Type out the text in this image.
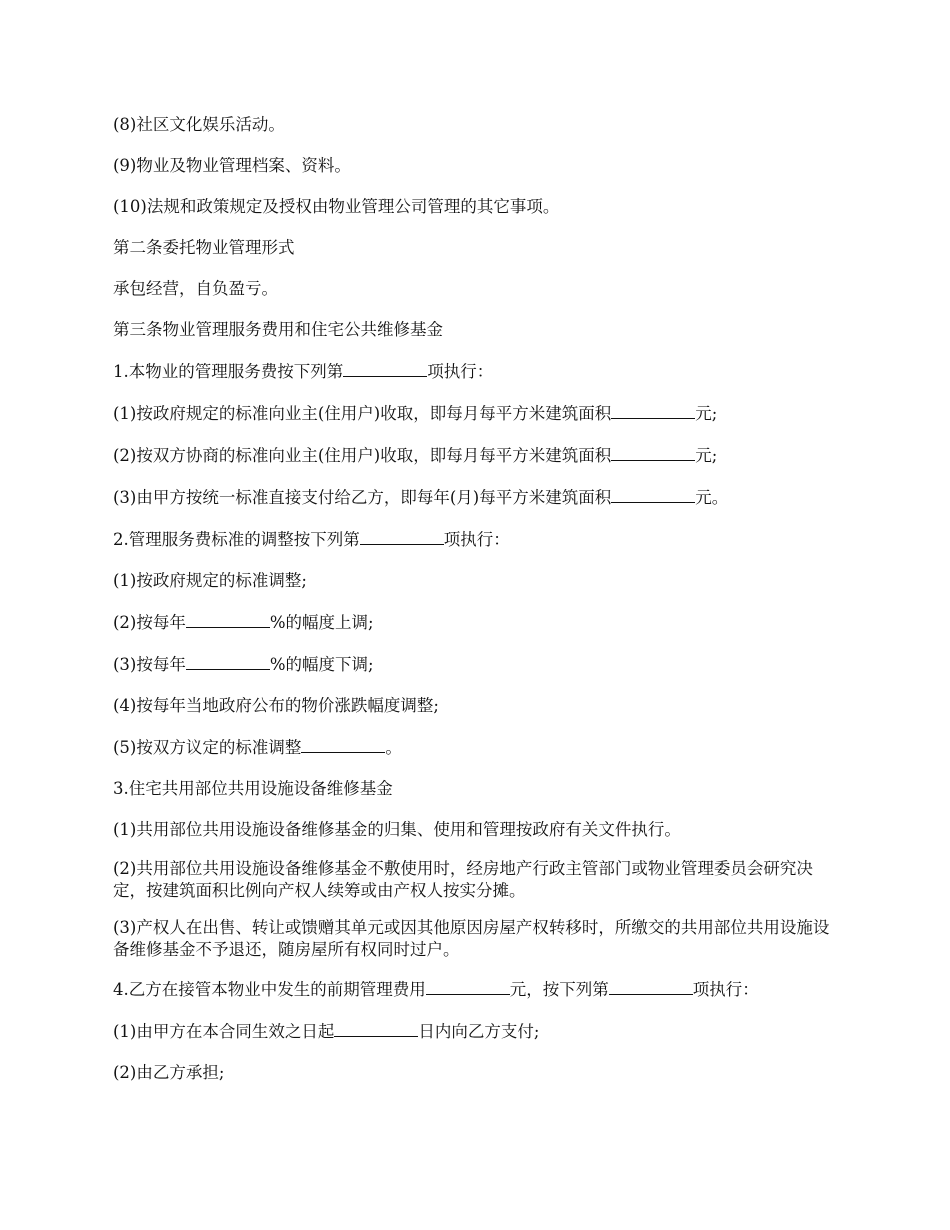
(8)社区文化娱乐活动。

(9)物业及物业管理档案、资料。

(10)法规和政策规定及授权由物业管理公司管理的其它事项。

第二条委托物业管理形式

承包经营，自负盈亏。

第三条物业管理服务费用和住宅公共维修基金

1.本物业的管理服务费按下列第	项执行：

(1)按政府规定的标准向业主(住用户)收取，即每月每平方米建筑面积	元;

(2)按双方协商的标准向业主(住用户)收取，即每月每平方米建筑面积	元;

(3)由甲方按统一标准直接支付给乙方，即每年(月)每平方米建筑面积	元。

2.管理服务费标准的调整按下列第	项执行：

(1)按政府规定的标准调整;

(2)按每年	%的幅度上调;

(3)按每年	%的幅度下调;

(4)按每年当地政府公布的物价涨跌幅度调整;

(5)按双方议定的标准调整	。

3.住宅共用部位共用设施设备维修基金

(1)共用部位共用设施设备维修基金的归集、使用和管理按政府有关文件执行。

(2)共用部位共用设施设备维修基金不敷使用时，经房地产行政主管部门或物业管理委员会研究决定，按建筑面积比例向产权人续筹或由产权人按实分摊。

(3)产权人在出售、转让或馈赠其单元或因其他原因房屋产权转移时，所缴交的共用部位共用设施设备维修基金不予退还，随房屋所有权同时过户。

4.乙方在接管本物业中发生的前期管理费用	元，按下列第	项执行：

(1)由甲方在本合同生效之日起	日内向乙方支付;

(2)由乙方承担;
